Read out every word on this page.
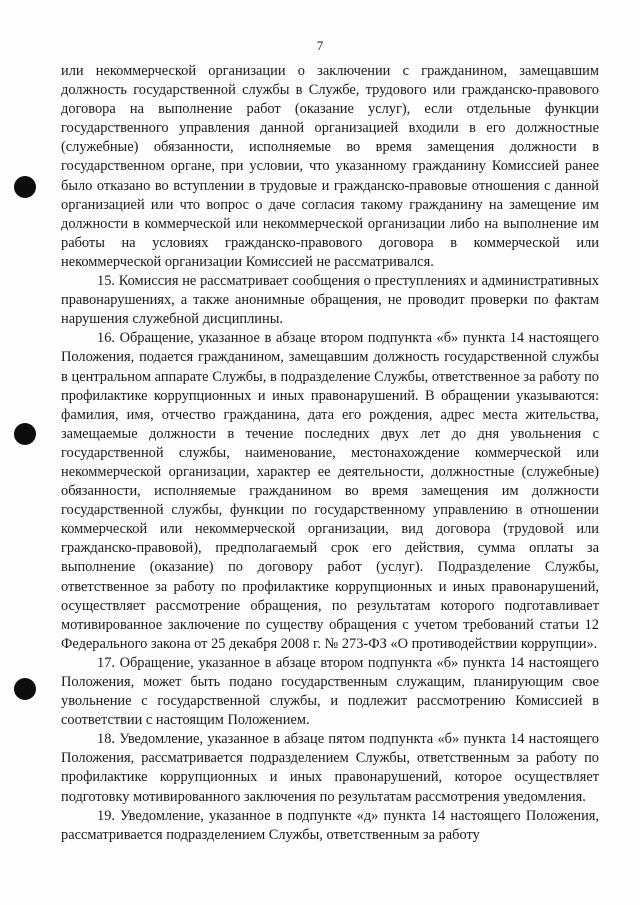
7

или некоммерческой организации о заключении с гражданином, замещавшим должность государственной службы в Службе, трудового или гражданско-правового договора на выполнение работ (оказание услуг), если отдельные функции государственного управления данной организацией входили в его должностные (служебные) обязанности, исполняемые во время замещения должности в государственном органе, при условии, что указанному гражданину Комиссией ранее было отказано во вступлении в трудовые и гражданско-правовые отношения с данной организацией или что вопрос о даче согласия такому гражданину на замещение им должности в коммерческой или некоммерческой организации либо на выполнение им работы на условиях гражданско-правового договора в коммерческой или некоммерческой организации Комиссией не рассматривался.

15. Комиссия не рассматривает сообщения о преступлениях и административных правонарушениях, а также анонимные обращения, не проводит проверки по фактам нарушения служебной дисциплины.

16. Обращение, указанное в абзаце втором подпункта «б» пункта 14 настоящего Положения, подается гражданином, замещавшим должность государственной службы в центральном аппарате Службы, в подразделение Службы, ответственное за работу по профилактике коррупционных и иных правонарушений. В обращении указываются: фамилия, имя, отчество гражданина, дата его рождения, адрес места жительства, замещаемые должности в течение последних двух лет до дня увольнения с государственной службы, наименование, местонахождение коммерческой или некоммерческой организации, характер ее деятельности, должностные (служебные) обязанности, исполняемые гражданином во время замещения им должности государственной службы, функции по государственному управлению в отношении коммерческой или некоммерческой организации, вид договора (трудовой или гражданско-правовой), предполагаемый срок его действия, сумма оплаты за выполнение (оказание) по договору работ (услуг). Подразделение Службы, ответственное за работу по профилактике коррупционных и иных правонарушений, осуществляет рассмотрение обращения, по результатам которого подготавливает мотивированное заключение по существу обращения с учетом требований статьи 12 Федерального закона от 25 декабря 2008 г. № 273-ФЗ «О противодействии коррупции».

17. Обращение, указанное в абзаце втором подпункта «б» пункта 14 настоящего Положения, может быть подано государственным служащим, планирующим свое увольнение с государственной службы, и подлежит рассмотрению Комиссией в соответствии с настоящим Положением.

18. Уведомление, указанное в абзаце пятом подпункта «б» пункта 14 настоящего Положения, рассматривается подразделением Службы, ответственным за работу по профилактике коррупционных и иных правонарушений, которое осуществляет подготовку мотивированного заключения по результатам рассмотрения уведомления.

19. Уведомление, указанное в подпункте «д» пункта 14 настоящего Положения, рассматривается подразделением Службы, ответственным за работу
